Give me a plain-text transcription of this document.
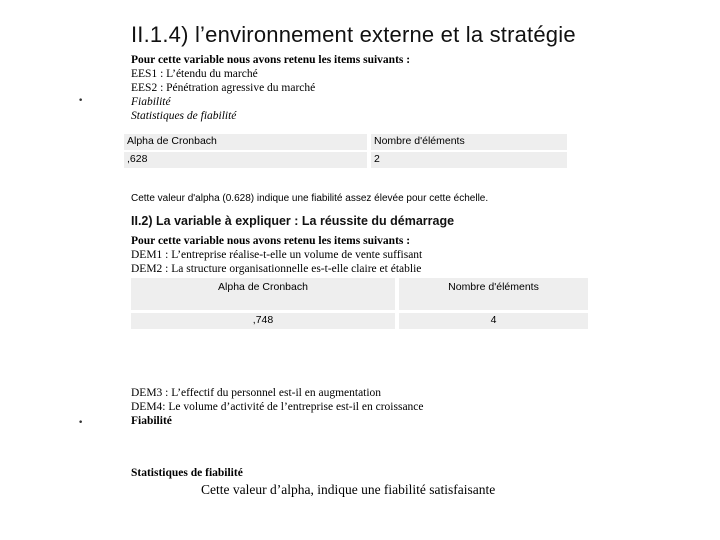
II.1.4) l’environnement externe et la stratégie
•
•
Pour cette variable nous avons retenu les items suivants :
EES1 : L’étendu du marché
EES2 : Pénétration agressive du marché
Fiabilité
Statistiques de fiabilité
Alpha de Cronbach	Nombre d'éléments
,628	2
Cette valeur d'alpha (0.628) indique une fiabilité assez élevée pour cette échelle.
II.2) La variable à expliquer : La réussite du démarrage
Pour cette variable nous avons retenu les items suivants :
DEM1 : L’entreprise réalise-t-elle un volume de vente suffisant
DEM2 : La structure organisationnelle es-t-elle claire et établie
Alpha de Cronbach	Nombre d'éléments
,748	4
DEM3 : L’effectif du personnel est-il en augmentation
DEM4: Le volume d’activité de l’entreprise est-il en croissance
Fiabilité
Statistiques de fiabilité
Cette valeur d’alpha, indique une fiabilité satisfaisante
